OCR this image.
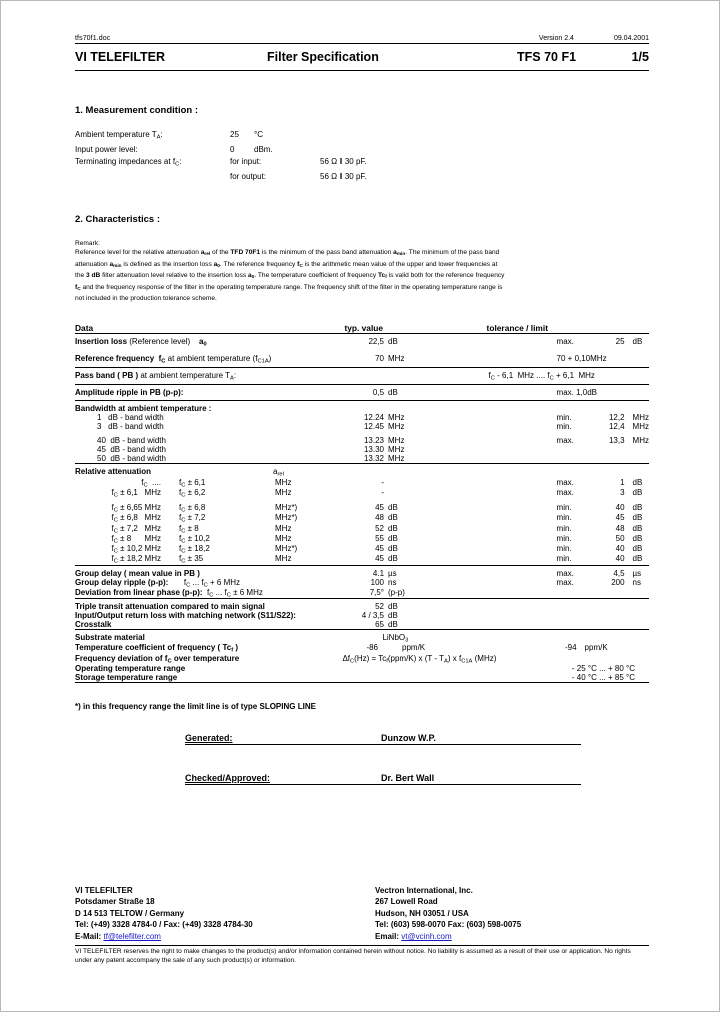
tfs70f1.doc	Version 2.4	09.04.2001
VI TELEFILTER	Filter Specification	TFS 70 F1	1/5
1. Measurement condition :
Ambient temperature $T_A$:	25	°C
Input power level:	0	dBm.
Terminating impedances at $f_C$:	for input:	56 Ω ‖ 30 pF.
for output:	56 Ω ‖ 30 pF.
2. Characteristics :
Remark:
Reference level for the relative attenuation $a_{rel}$ of the TFD 70F1 is the minimum of the pass band attenuation $a_{min}$. The minimum of the pass band
attenuation $a_{min}$ is defined as the insertion loss $a_0$. The reference frequency $f_C$ is the arithmetic mean value of the upper and lower frequencies at
the 3 dB filter attenuation level relative to the insertion loss $a_0$. The temperature coefficient of frequency $Tc_f$ is valid both for the reference frequency
$f_C$ and the frequency response of the filter in the operating temperature range. The frequency shift of the filter in the operating temperature range is
not included in the production tolerance scheme.
Data	typ. value		tolerance / limit
Insertion loss (Reference level)    $a_0$	22,5	dB	max. 25 dB

Reference frequency  $f_C$ at ambient temperature $(f_{C1A})$	70	MHz	70 + 0,10MHz
Pass band ( PB ) at ambient temperature $T_A$:			$f_C - 6,1$  MHz .... $f_C + 6,1$  MHz
Amplitude ripple in PB (p-p):	0,5	dB	max. 1,0dB
Bandwidth at ambient temperature :			
1   dB - band width	12.24	MHz	min. 12,2 MHz

3   dB - band width	12.45	MHz	min. 12,4 MHz

40  dB - band width	13.23	MHz	max. 13,3 MHz

45  dB - band width	13.30	MHz	
50  dB - band width	13.32	MHz	

Relative attenuation $a_{rel}$

$f_C$  .... $f_C \pm 6,1$ MHz	-		max. 1 dB

$f_C \pm 6,1$   MHz $f_C \pm 6,2$ MHz	-		max. 3 dB

$f_C \pm 6,65$ MHz $f_C \pm 6,8$ MHz*)	45	dB	min. 40 dB

$f_C \pm 6,8$   MHz $f_C \pm 7,2$ MHz*)	48	dB	min. 45 dB

$f_C \pm 7,2$   MHz $f_C \pm 8$ MHz	52	dB	min. 48 dB

$f_C \pm 8$      MHz $f_C \pm 10,2$ MHz	55	dB	min. 50 dB

$f_C \pm 10,2$ MHz $f_C \pm 18,2$ MHz*)	45	dB	min. 40 dB

$f_C \pm 18,2$ MHz $f_C \pm 35$ MHz	45	dB	min. 40 dB

Group delay ( mean value in PB )	4.1	µs	max. 4,5 µs

Group delay ripple (p-p):       $f_C$ ... $f_C + 6$ MHz	100	ns	max. 200 ns

Deviation from linear phase (p-p):  $f_C$ ... $f_C \pm 6$ MHz	7,5°	(p-p)	
Triple transit attenuation compared to main signal	52	dB	
Input/Output return loss with matching network (S11/S22):	4 / 3,5	dB	
Crosstalk	65	dB	
Substrate material	LiNbO$_3$
Temperature coefficient of frequency ( $Tc_f$ )	-86	ppm/K	-94 ppm/K

Frequency deviation of $f_C$ over temperature	$\Delta f_C(Hz) = Tc_f(ppm/K)$ x $(T - T_A)$ x $f_{C1A}$ (MHz)		
Operating temperature range	- 25 °C ... + 80 °C		
Storage temperature range	- 40 °C ... + 85 °C		

*) in this frequency range the limit line is of type SLOPING LINE
Generated:	Dunzow W.P.
Checked/Approved:	Dr. Bert Wall
VI TELEFILTER
Potsdamer Straße 18
D 14 513 TELTOW / Germany
Tel: (+49) 3328 4784-0 / Fax: (+49) 3328 4784-30
E-Mail: tf@telefilter.com
Vectron International, Inc.
267 Lowell Road
Hudson, NH 03051 / USA
Tel: (603) 598-0070 Fax: (603) 598-0075
Email: vt@vcinh.com
VI TELEFILTER reserves the right to make changes to the product(s) and/or information contained herein without notice. No liability is assumed as a result of their use or application. No rights under any patent accompany the sale of any such product(s) or information.
